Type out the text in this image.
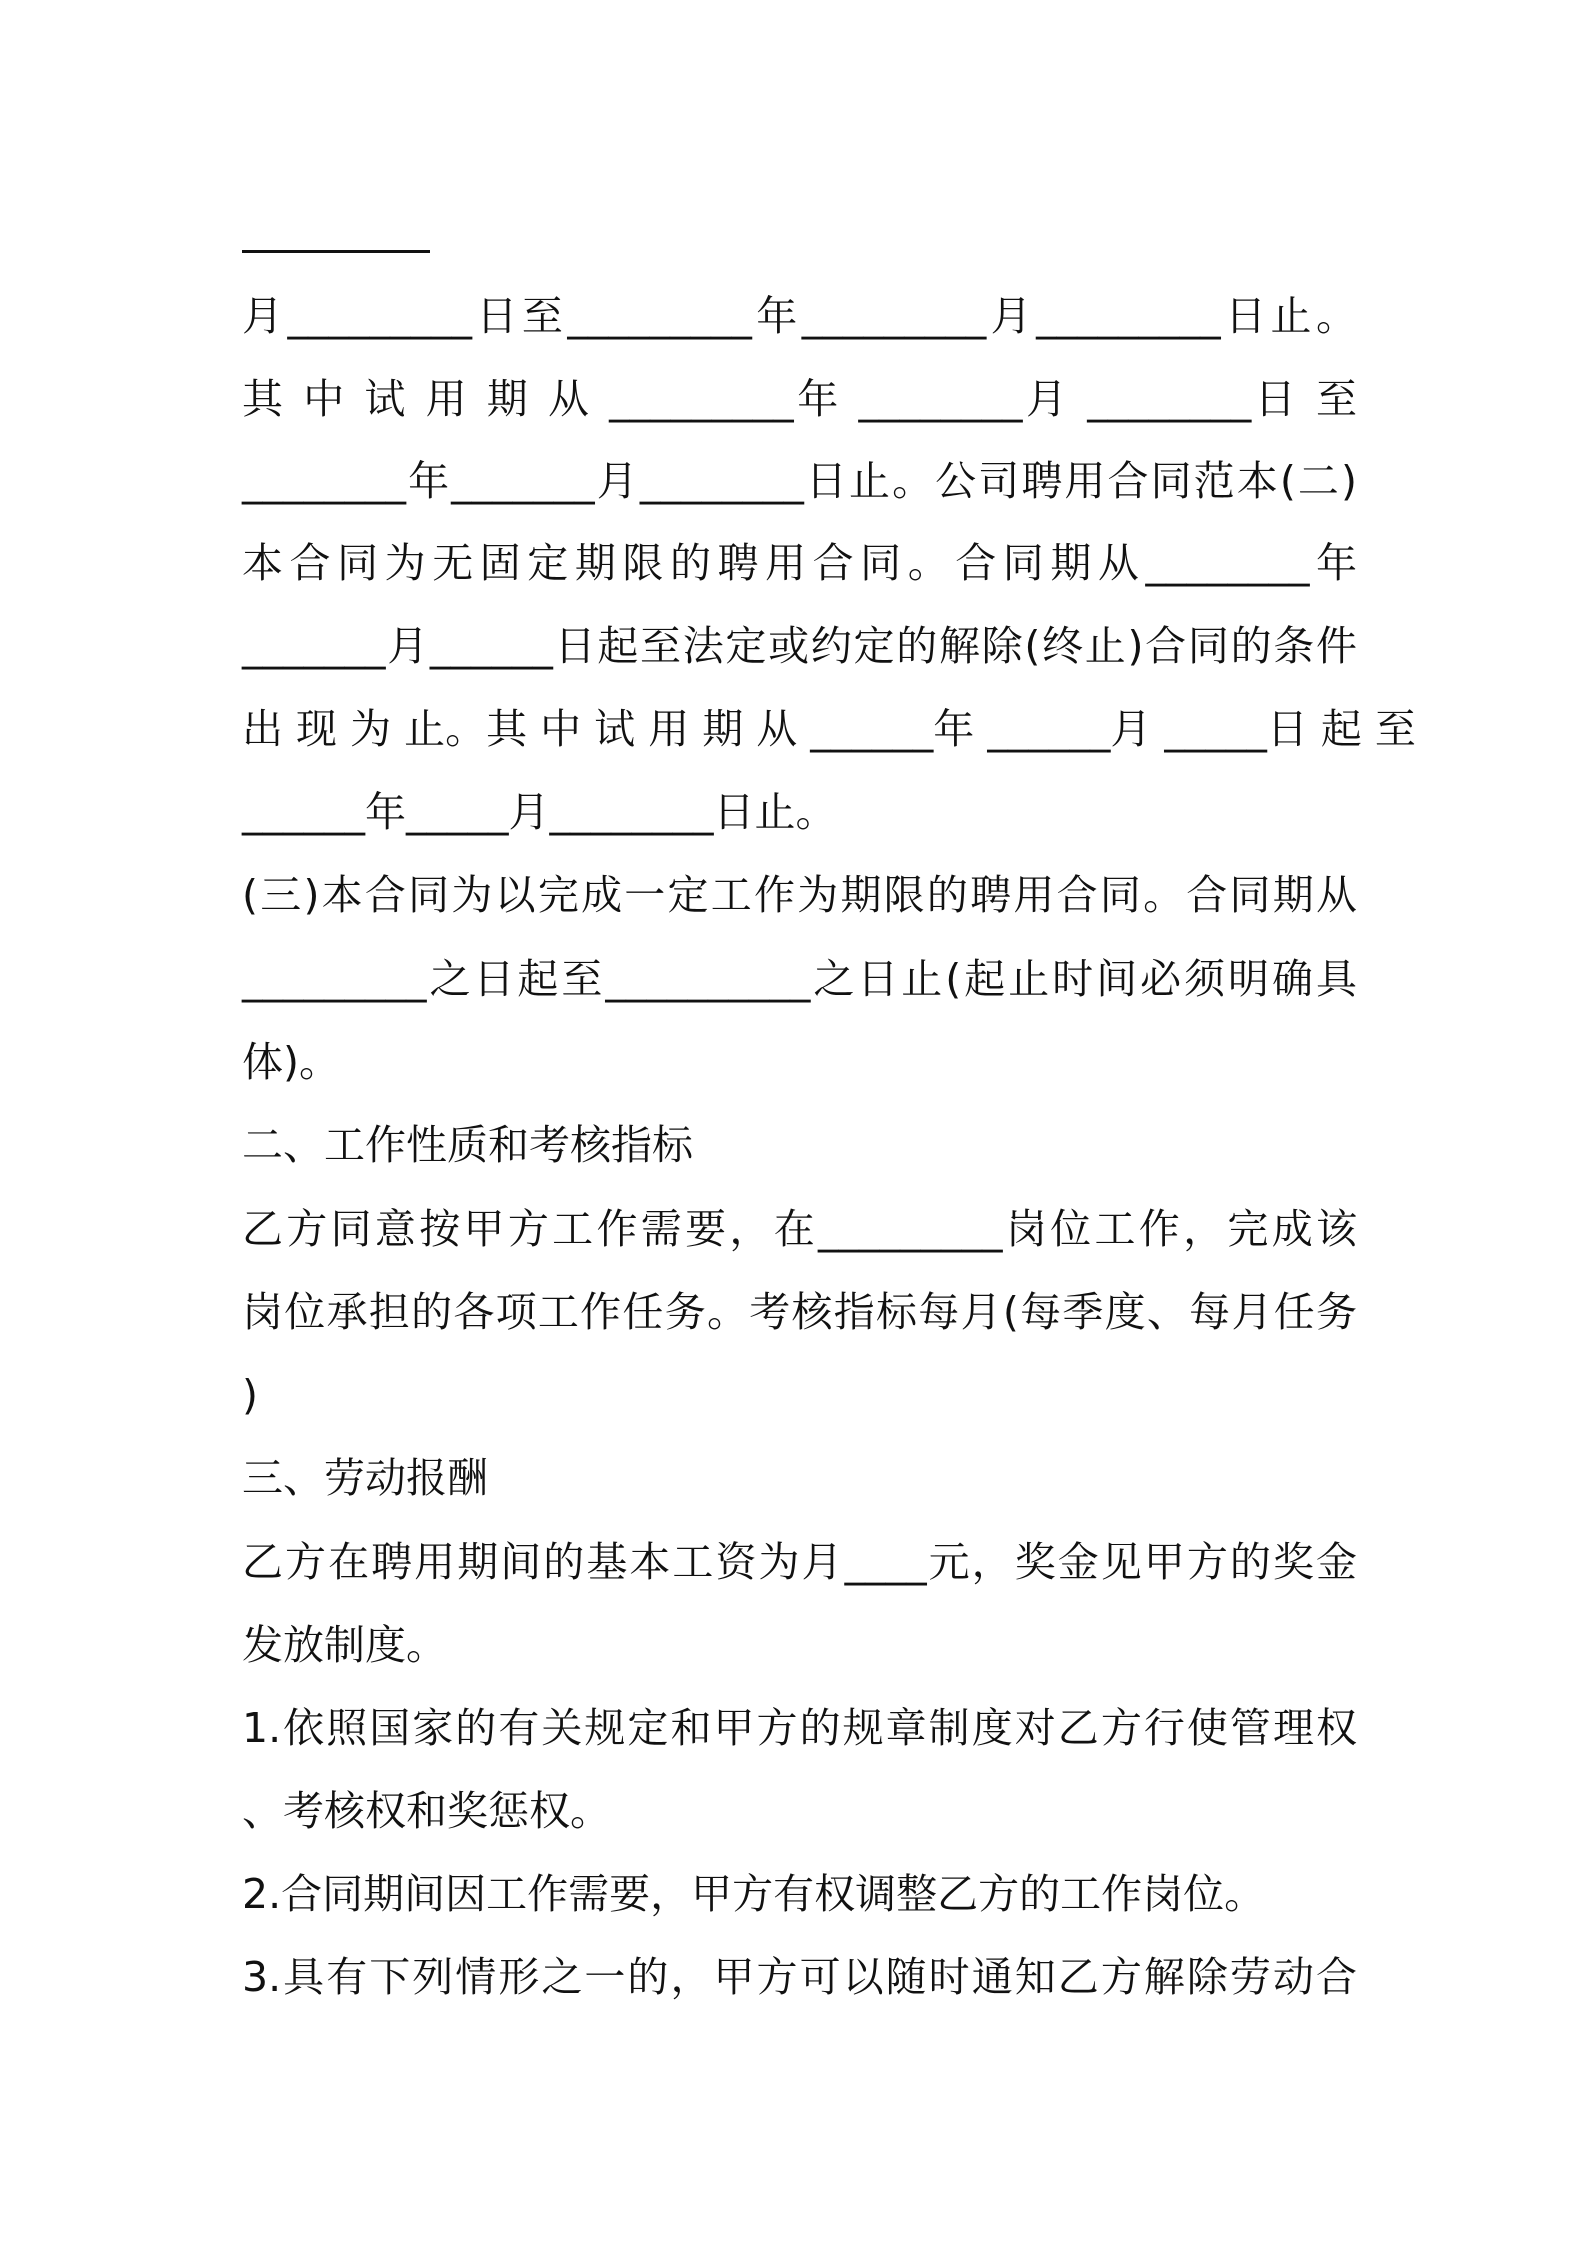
月_________日至_________年_________月_________日止。
其 中 试 用 期 从 _________年 ________月 ________日 至
________年_______月________日止。公司聘用合同范本(二)
本合同为无固定期限的聘用合同。合同期从________年
_______月______日起至法定或约定的解除(终止)合同的条件
出 现 为 止。其 中 试 用 期 从 ______年 ______月 _____日 起 至
______年_____月________日止。
(三)本合同为以完成一定工作为期限的聘用合同。合同期从
_________之日起至__________之日止(起止时间必须明确具
体)。
二、工作性质和考核指标
乙方同意按甲方工作需要，在_________岗位工作，完成该
岗位承担的各项工作任务。考核指标每月(每季度、每月任务
)
三、劳动报酬
乙方在聘用期间的基本工资为月____元，奖金见甲方的奖金
发放制度。
1.依照国家的有关规定和甲方的规章制度对乙方行使管理权
、考核权和奖惩权。
2.合同期间因工作需要，甲方有权调整乙方的工作岗位。
3.具有下列情形之一的，甲方可以随时通知乙方解除劳动合
